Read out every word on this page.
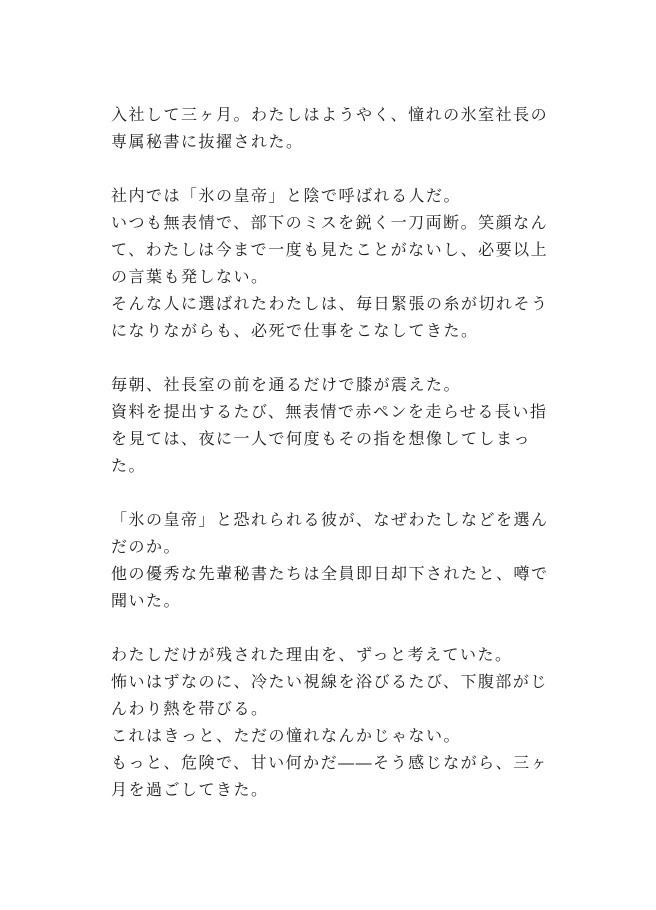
入社して三ヶ月。わたしはようやく、憧れの氷室社長の
専属秘書に抜擢された。
社内では「氷の皇帝」と陰で呼ばれる人だ。
いつも無表情で、部下のミスを鋭く一刀両断。笑顔なん
て、わたしは今まで一度も見たことがないし、必要以上
の言葉も発しない。
そんな人に選ばれたわたしは、毎日緊張の糸が切れそう
になりながらも、必死で仕事をこなしてきた。
毎朝、社長室の前を通るだけで膝が震えた。
資料を提出するたび、無表情で赤ペンを走らせる長い指
を見ては、夜に一人で何度もその指を想像してしまっ
た。
「氷の皇帝」と恐れられる彼が、なぜわたしなどを選ん
だのか。
他の優秀な先輩秘書たちは全員即日却下されたと、噂で
聞いた。
わたしだけが残された理由を、ずっと考えていた。
怖いはずなのに、冷たい視線を浴びるたび、下腹部がじ
んわり熱を帯びる。
これはきっと、ただの憧れなんかじゃない。
もっと、危険で、甘い何かだ――そう感じながら、三ヶ
月を過ごしてきた。
